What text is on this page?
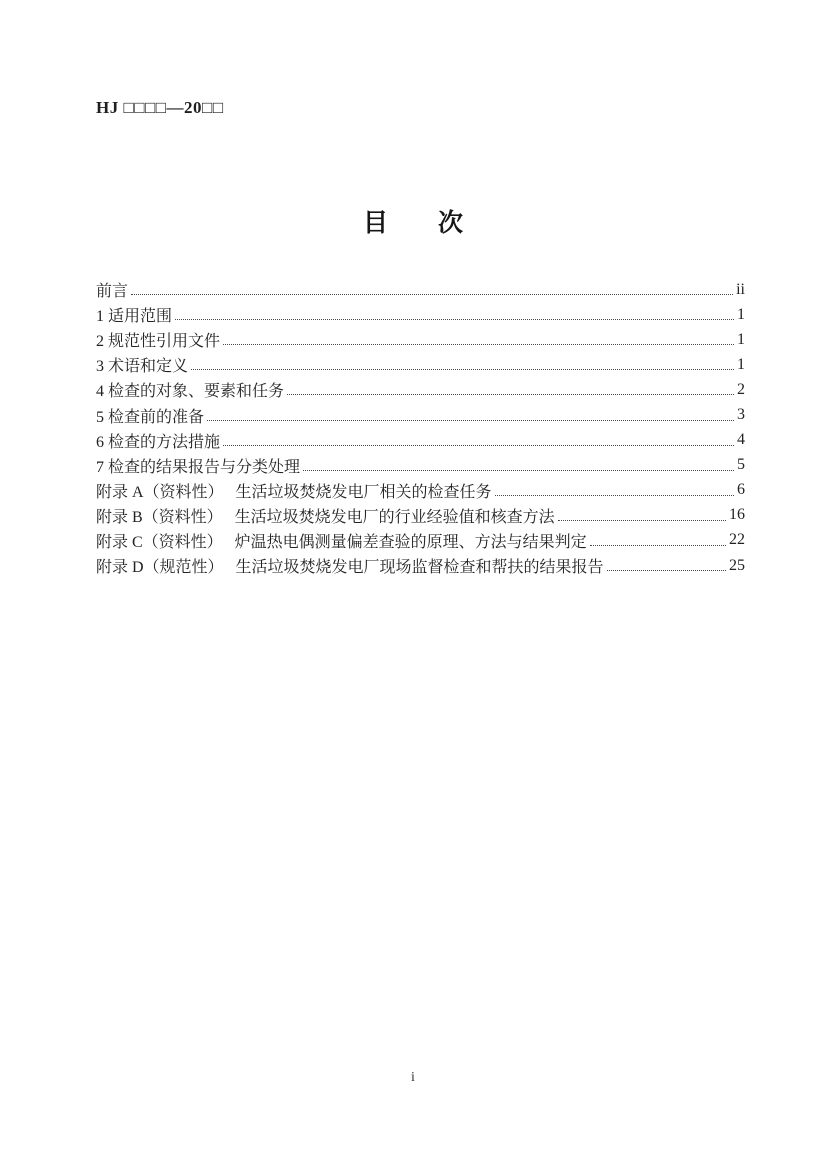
HJ □□□□—20□□
目　　次
前言	ii
1 适用范围	1
2 规范性引用文件	1
3 术语和定义	1
4 检查的对象、要素和任务	2
5 检查前的准备	3
6 检查的方法措施	4
7 检查的结果报告与分类处理	5
附录 A（资料性）　 生活垃圾焚烧发电厂相关的检查任务	6
附录 B（资料性）　 生活垃圾焚烧发电厂的行业经验值和核查方法	16
附录 C（资料性）　 炉温热电偶测量偏差查验的原理、方法与结果判定	22
附录 D（规范性）　 生活垃圾焚烧发电厂现场监督检查和帮扶的结果报告	25
i
